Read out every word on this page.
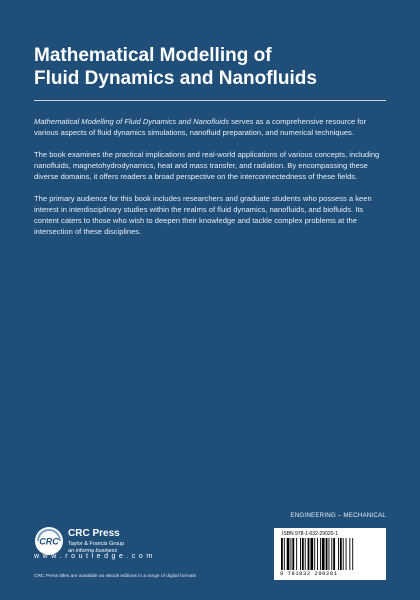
Mathematical Modelling of
Fluid Dynamics and Nanofluids

Mathematical Modelling of Fluid Dynamics and Nanofluids serves as a comprehensive resource for various aspects of fluid dynamics simulations, nanofluid preparation, and numerical techniques.

The book examines the practical implications and real-world applications of various concepts, including nanofluids, magnetohydrodynamics, heat and mass transfer, and radiation. By encompassing these diverse domains, it offers readers a broad perspective on the interconnectedness of these fields.

The primary audience for this book includes researchers and graduate students who possess a keen interest in interdisciplinary studies within the realms of fluid dynamics, nanofluids, and biofluids. Its content caters to those who wish to deepen their knowledge and tackle complex problems at the intersection of these disciplines.

ENGINEERING – MECHANICAL
CRC
CRC Press
Taylor & Francis Group
an informa business
w w w . r o u t l e d g e . c o m
CRC Press titles are available as eBook editions in a range of digital formats
ISBN 978-1-032-29020-1
9 781032 290201
